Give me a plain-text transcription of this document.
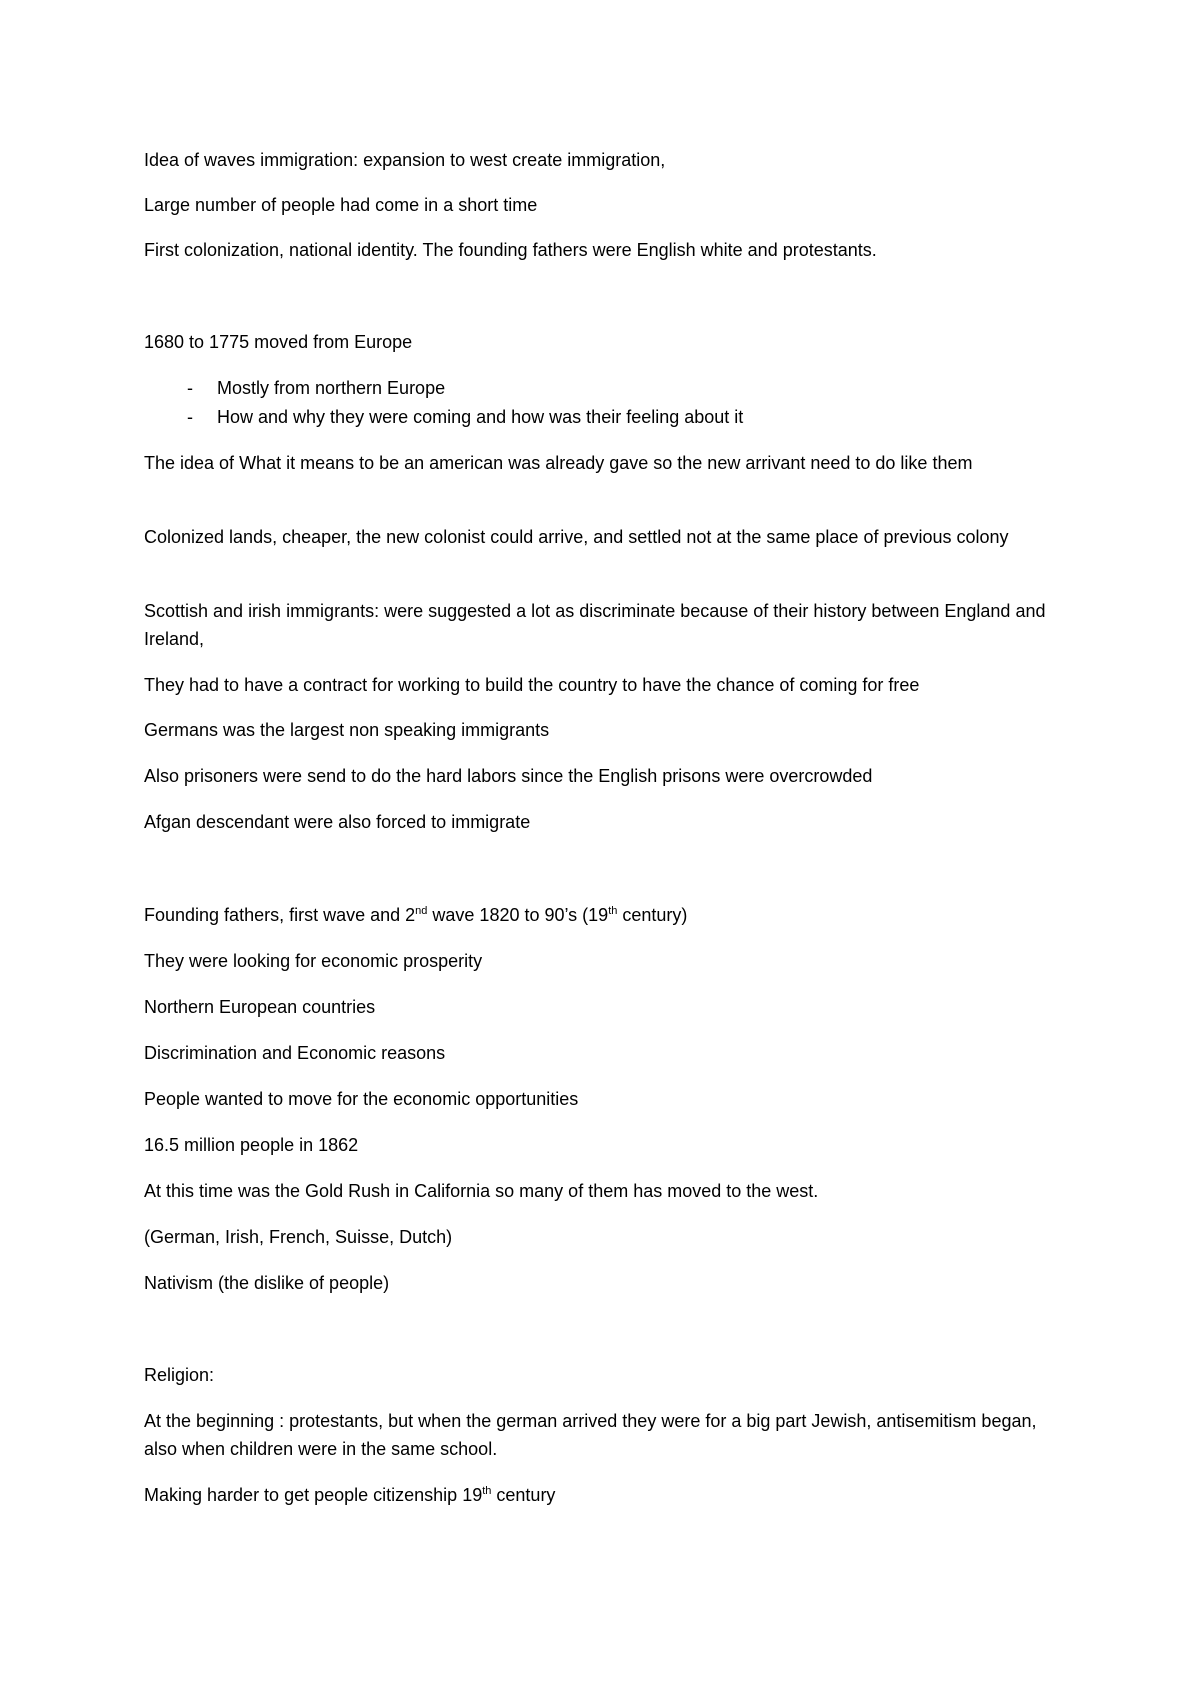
Idea of waves immigration: expansion to west create immigration,
Large number of people had come in a short time
First colonization, national identity. The founding fathers were English white and protestants.
1680 to 1775 moved from Europe
-	Mostly from northern Europe
-	How and why they were coming and how was their feeling about it
The idea of What it means to be an american was already gave so the new arrivant need to do like them
Colonized lands, cheaper, the new colonist could arrive, and settled not at the same place of previous colony
Scottish and irish immigrants: were suggested a lot as discriminate because of their history between England and Ireland,
They had to have a contract for working to build the country to have the chance of coming for free
Germans was the largest non speaking immigrants
Also prisoners were send to do the hard labors since the English prisons were overcrowded
Afgan descendant were also forced to immigrate
Founding fathers, first wave and 2nd wave 1820 to 90’s (19th century)
They were looking for economic prosperity
Northern European countries
Discrimination and Economic reasons
People wanted to move for the economic opportunities
16.5 million people in 1862
At this time was the Gold Rush in California so many of them has moved to the west.
(German, Irish, French, Suisse, Dutch)
Nativism (the dislike of people)
Religion:
At the beginning : protestants, but when the german arrived they were for a big part Jewish, antisemitism began, also when children were in the same school.
Making harder to get people citizenship 19th century
